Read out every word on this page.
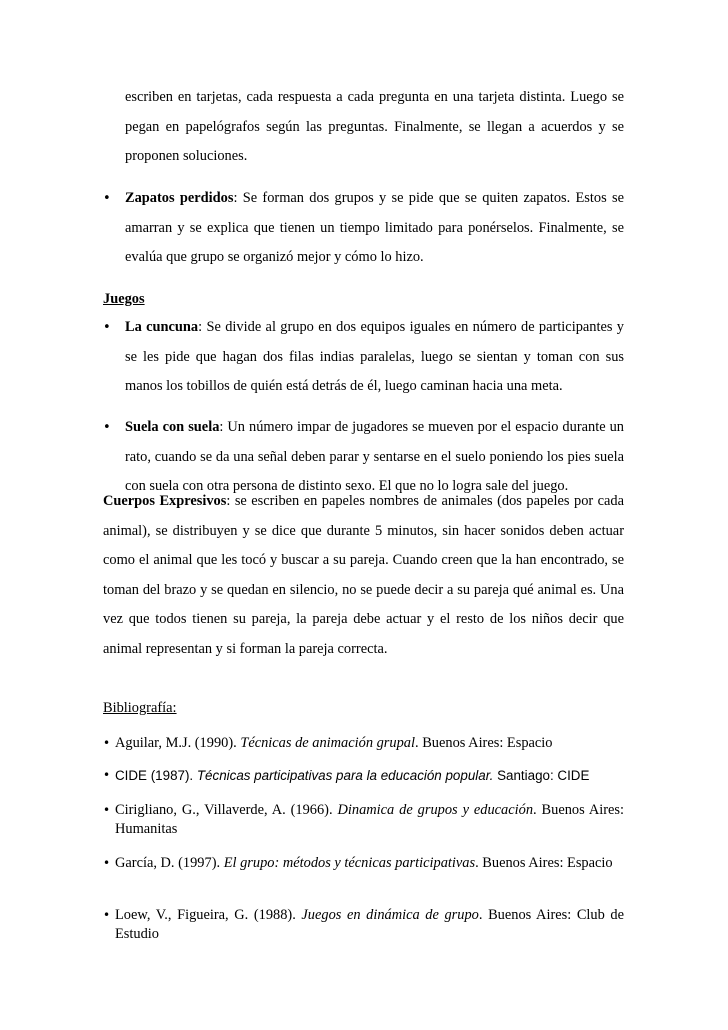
escriben en tarjetas, cada respuesta a cada pregunta en una tarjeta distinta. Luego se pegan en papelógrafos según las preguntas. Finalmente, se llegan a acuerdos y se proponen soluciones.

• Zapatos perdidos: Se forman dos grupos y se pide que se quiten zapatos. Estos se amarran y se explica que tienen un tiempo limitado para ponérselos. Finalmente, se evalúa que grupo se organizó mejor y cómo lo hizo.

Juegos

• La cuncuna: Se divide al grupo en dos equipos iguales en número de participantes y se les pide que hagan dos filas indias paralelas, luego se sientan y toman con sus manos los tobillos de quién está detrás de él, luego caminan hacia una meta.
• Suela con suela: Un número impar de jugadores se mueven por el espacio durante un rato, cuando se da una señal deben parar y sentarse en el suelo poniendo los pies suela con suela con otra persona de distinto sexo. El que no lo logra sale del juego.

Cuerpos Expresivos: se escriben en papeles nombres de animales (dos papeles por cada animal), se distribuyen y se dice que durante 5 minutos, sin hacer sonidos deben actuar como el animal que les tocó y buscar a su pareja. Cuando creen que la han encontrado, se toman del brazo y se quedan en silencio, no se puede decir a su pareja qué animal es. Una vez que todos tienen su pareja, la pareja debe actuar y el resto de los niños decir que animal representan y si forman la pareja correcta.

Bibliografía:

• Aguilar, M.J. (1990). Técnicas de animación grupal. Buenos Aires: Espacio
• CIDE (1987). Técnicas participativas para la educación popular. Santiago: CIDE
• Cirigliano, G., Villaverde, A. (1966). Dinamica de grupos y educación. Buenos Aires: Humanitas
• García, D. (1997). El grupo: métodos y técnicas participativas. Buenos Aires: Espacio
• Loew, V., Figueira, G. (1988). Juegos en dinámica de grupo. Buenos Aires: Club de Estudio
